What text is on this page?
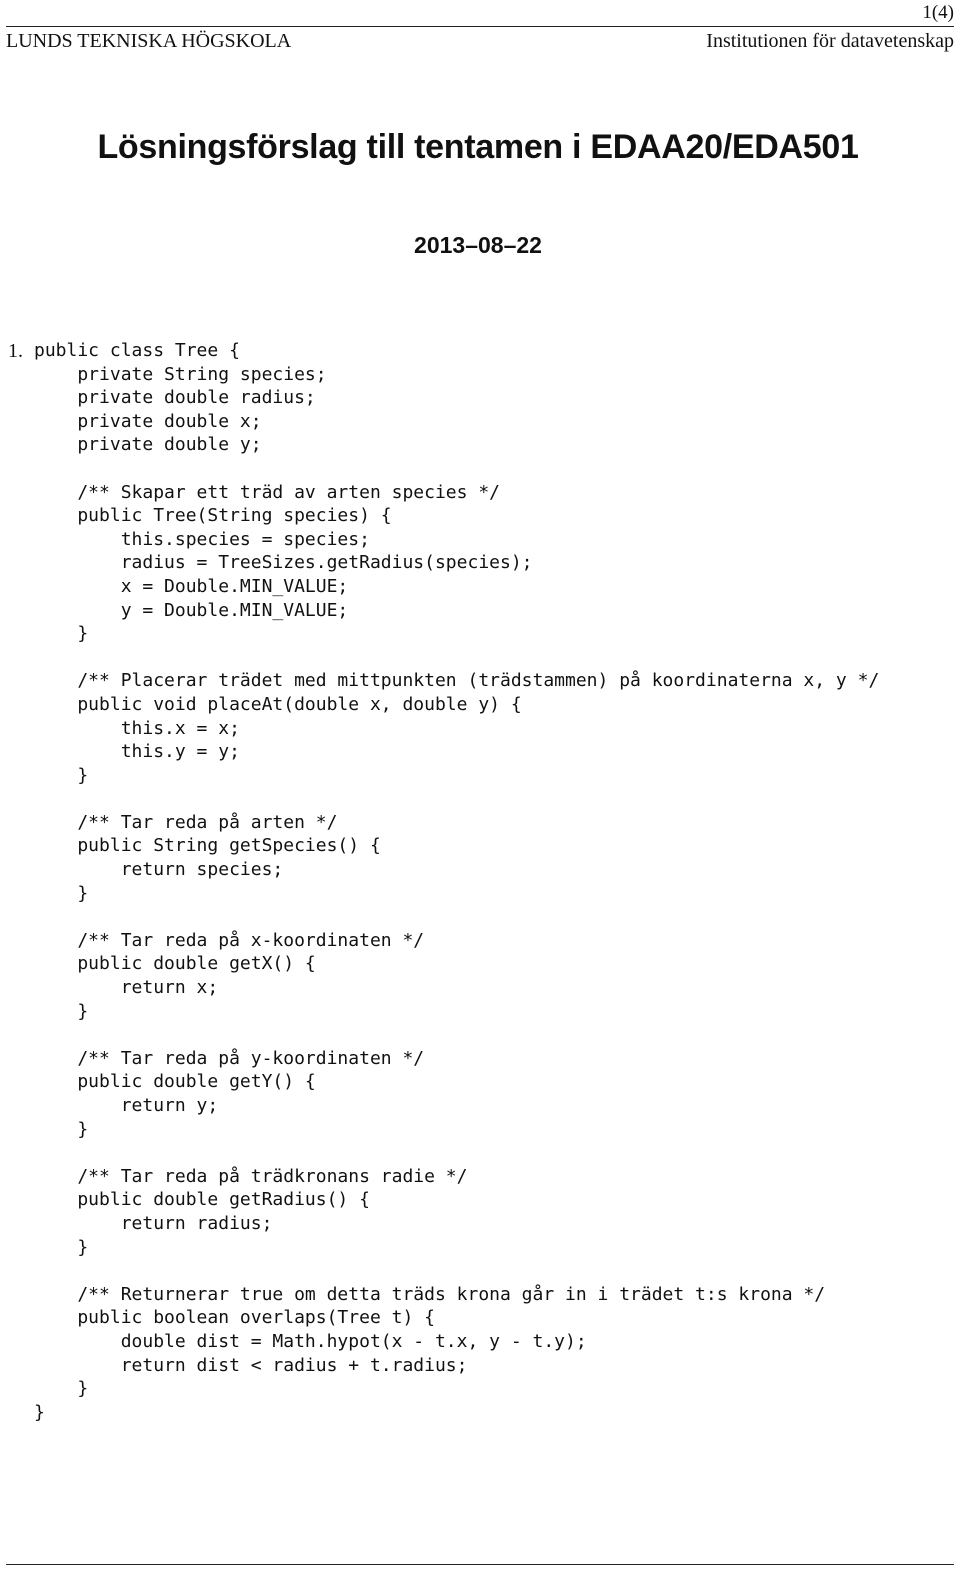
1(4)
LUNDS TEKNISKA HÖGSKOLA	Institutionen för datavetenskap
Lösningsförslag till tentamen i EDAA20/EDA501
2013–08–22
1. public class Tree {
private String species;
private double radius;
private double x;
private double y;
/** Skapar ett träd av arten species */
public Tree(String species) {
this.species = species;
radius = TreeSizes.getRadius(species);
x = Double.MIN_VALUE;
y = Double.MIN_VALUE;
}
/** Placerar trädet med mittpunkten (trädstammen) på koordinaterna x, y */
public void placeAt(double x, double y) {
this.x = x;
this.y = y;
}
/** Tar reda på arten */
public String getSpecies() {
return species;
}
/** Tar reda på x-koordinaten */
public double getX() {
return x;
}
/** Tar reda på y-koordinaten */
public double getY() {
return y;
}
/** Tar reda på trädkronans radie */
public double getRadius() {
return radius;
}
/** Returnerar true om detta träds krona går in i trädet t:s krona */
public boolean overlaps(Tree t) {
double dist = Math.hypot(x - t.x, y - t.y);
return dist < radius + t.radius;
}
}
